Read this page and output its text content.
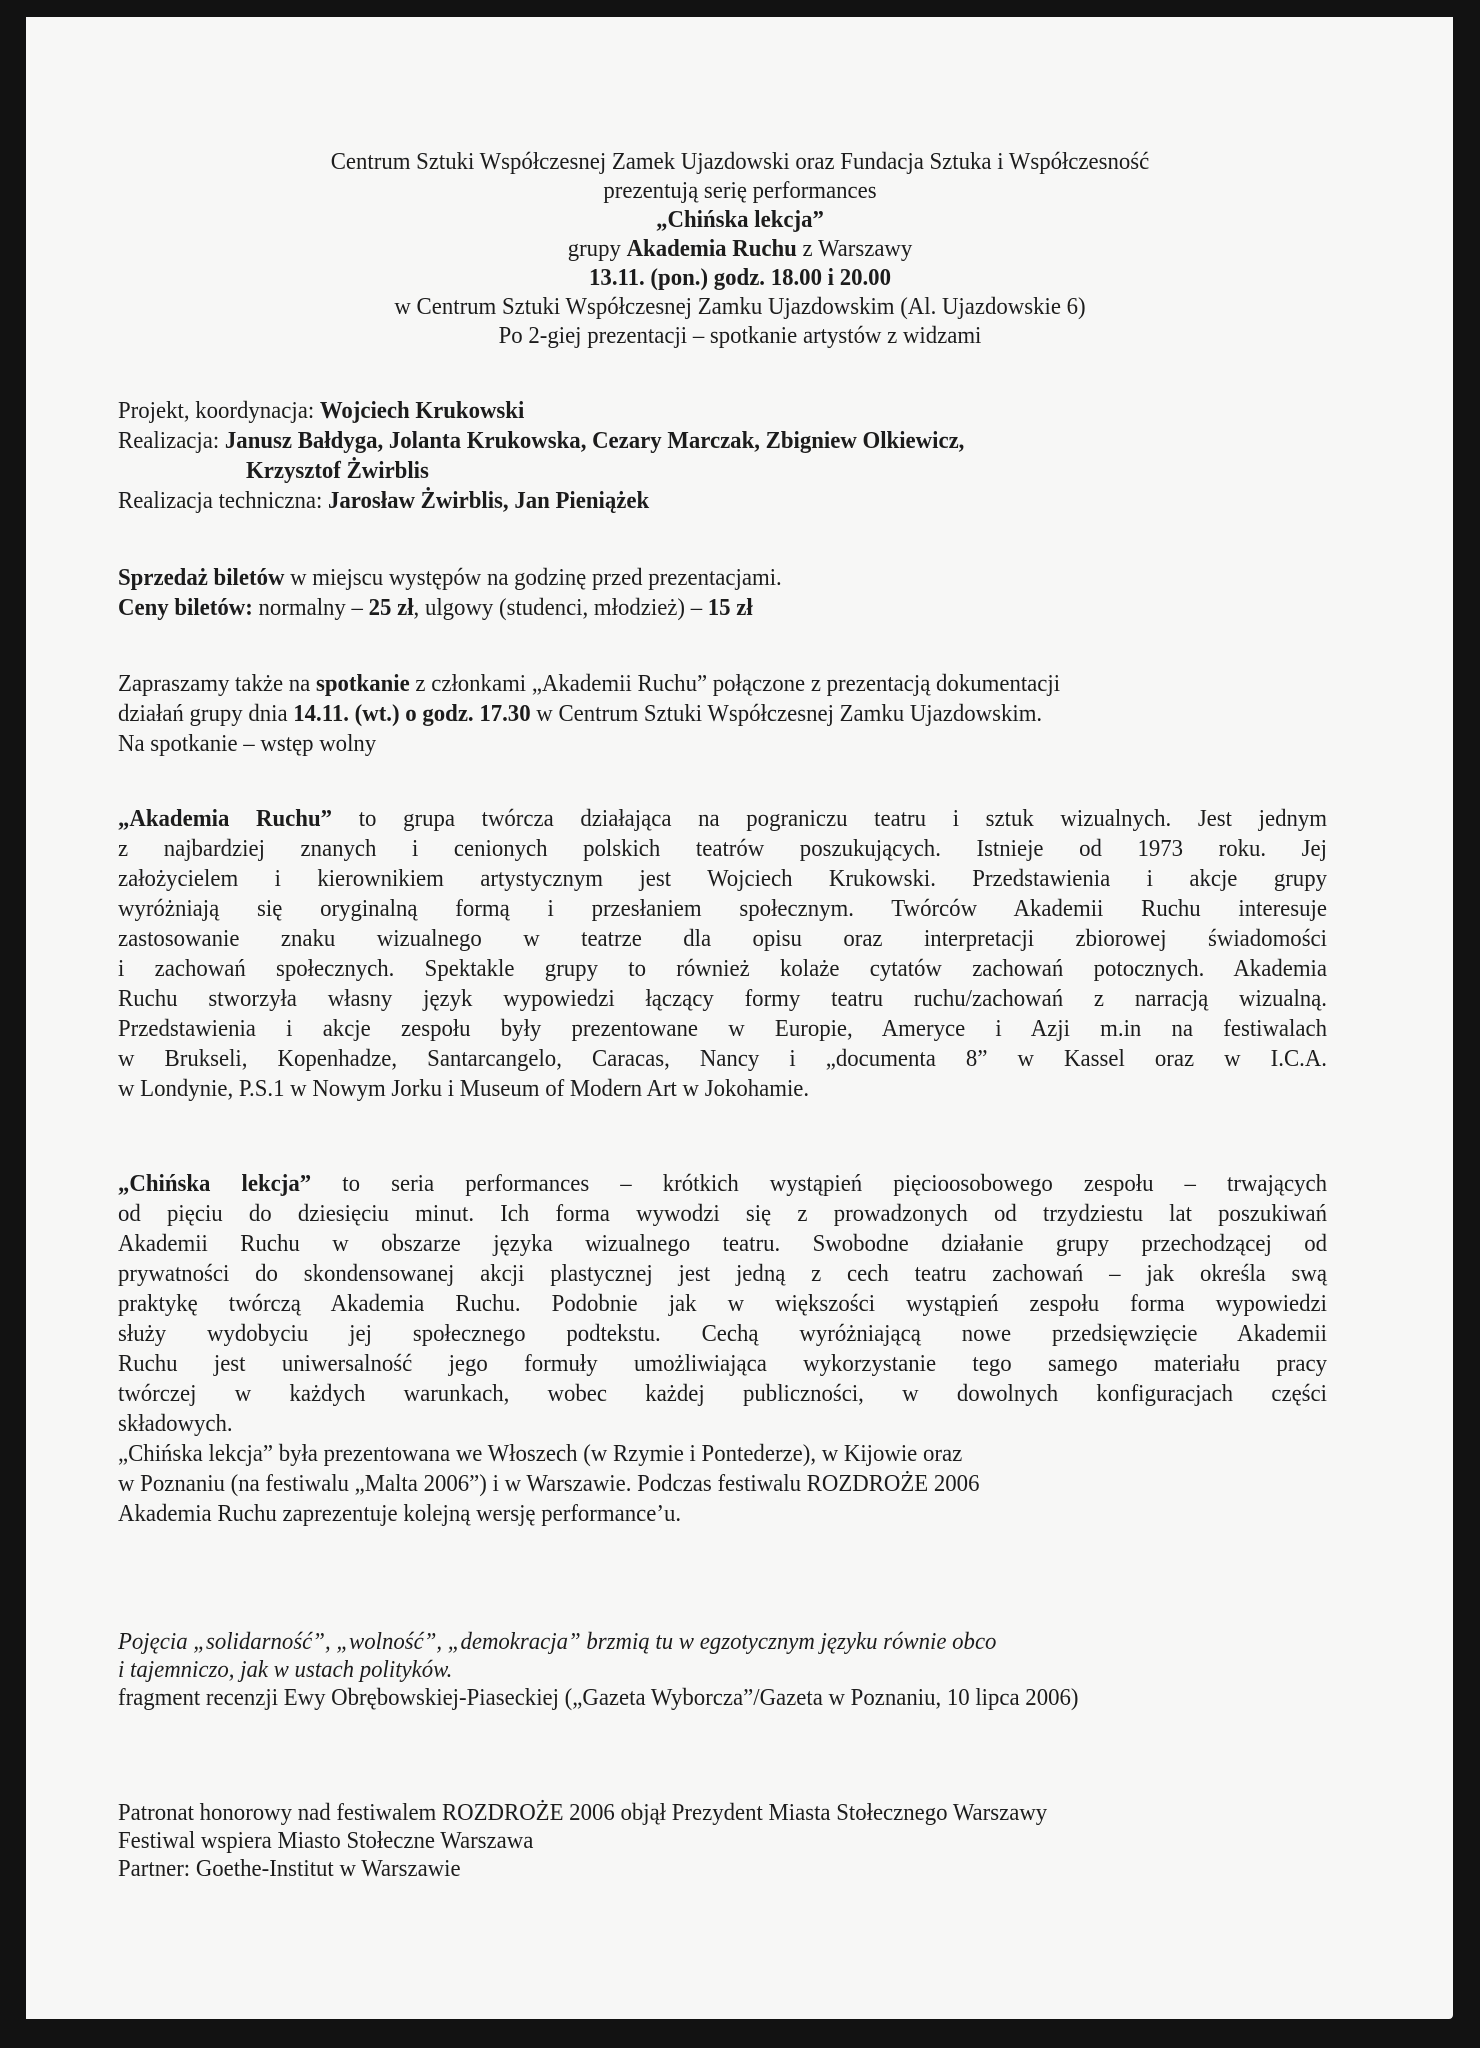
Centrum Sztuki Współczesnej Zamek Ujazdowski oraz Fundacja Sztuka i Współczesność
prezentują serię performances
„Chińska lekcja”
grupy Akademia Ruchu z Warszawy
13.11. (pon.) godz. 18.00 i 20.00
w Centrum Sztuki Współczesnej Zamku Ujazdowskim (Al. Ujazdowskie 6)
Po 2-giej prezentacji – spotkanie artystów z widzami
Projekt, koordynacja: Wojciech Krukowski
Realizacja: Janusz Bałdyga, Jolanta Krukowska, Cezary Marczak, Zbigniew Olkiewicz,
Krzysztof Żwirblis
Realizacja techniczna: Jarosław Żwirblis, Jan Pieniążek
Sprzedaż biletów w miejscu występów na godzinę przed prezentacjami.
Ceny biletów: normalny – 25 zł, ulgowy (studenci, młodzież) – 15 zł
Zapraszamy także na spotkanie z członkami „Akademii Ruchu” połączone z prezentacją dokumentacji
działań grupy dnia 14.11. (wt.) o godz. 17.30 w Centrum Sztuki Współczesnej Zamku Ujazdowskim.
Na spotkanie – wstęp wolny
„Akademia Ruchu” to grupa twórcza działająca na pograniczu teatru i sztuk wizualnych. Jest jednym
z najbardziej znanych i cenionych polskich teatrów poszukujących. Istnieje od 1973 roku. Jej
założycielem i kierownikiem artystycznym jest Wojciech Krukowski. Przedstawienia i akcje grupy
wyróżniają się oryginalną formą i przesłaniem społecznym. Twórców Akademii Ruchu interesuje
zastosowanie znaku wizualnego w teatrze dla opisu oraz interpretacji zbiorowej świadomości
i zachowań społecznych. Spektakle grupy to również kolaże cytatów zachowań potocznych. Akademia
Ruchu stworzyła własny język wypowiedzi łączący formy teatru ruchu/zachowań z narracją wizualną.
Przedstawienia i akcje zespołu były prezentowane w Europie, Ameryce i Azji m.in na festiwalach
w Brukseli, Kopenhadze, Santarcangelo, Caracas, Nancy i „documenta 8” w Kassel oraz w I.C.A.
w Londynie, P.S.1 w Nowym Jorku i Museum of Modern Art w Jokohamie.
„Chińska lekcja” to seria performances – krótkich wystąpień pięcioosobowego zespołu – trwających
od pięciu do dziesięciu minut. Ich forma wywodzi się z prowadzonych od trzydziestu lat poszukiwań
Akademii Ruchu w obszarze języka wizualnego teatru. Swobodne działanie grupy przechodzącej od
prywatności do skondensowanej akcji plastycznej jest jedną z cech teatru zachowań – jak określa swą
praktykę twórczą Akademia Ruchu. Podobnie jak w większości wystąpień zespołu forma wypowiedzi
służy wydobyciu jej społecznego podtekstu. Cechą wyróżniającą nowe przedsięwzięcie Akademii
Ruchu jest uniwersalność jego formuły umożliwiająca wykorzystanie tego samego materiału pracy
twórczej w każdych warunkach, wobec każdej publiczności, w dowolnych konfiguracjach części
składowych.
„Chińska lekcja” była prezentowana we Włoszech (w Rzymie i Pontederze), w Kijowie oraz
w Poznaniu (na festiwalu „Malta 2006”) i w Warszawie. Podczas festiwalu ROZDROŻE 2006
Akademia Ruchu zaprezentuje kolejną wersję performance’u.
Pojęcia „solidarność”, „wolność”, „demokracja” brzmią tu w egzotycznym języku równie obco
i tajemniczo, jak w ustach polityków.
fragment recenzji Ewy Obrębowskiej-Piaseckiej („Gazeta Wyborcza”/Gazeta w Poznaniu, 10 lipca 2006)
Patronat honorowy nad festiwalem ROZDROŻE 2006 objął Prezydent Miasta Stołecznego Warszawy
Festiwal wspiera Miasto Stołeczne Warszawa
Partner: Goethe-Institut w Warszawie
